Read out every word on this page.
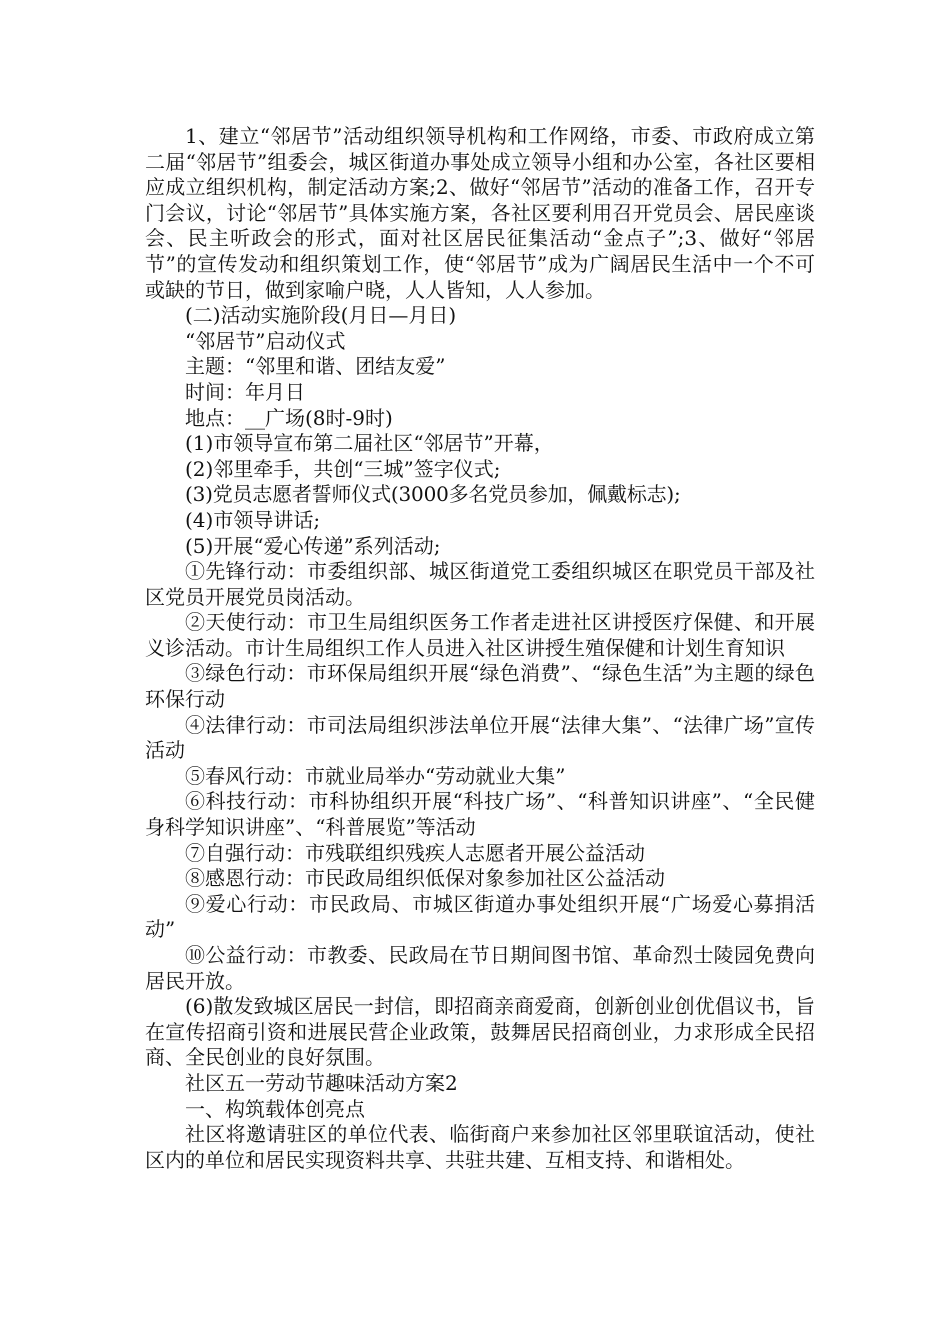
1、建立“邻居节”活动组织领导机构和工作网络，市委、市政府成立第二届“邻居节”组委会，城区街道办事处成立领导小组和办公室，各社区要相应成立组织机构，制定活动方案;2、做好“邻居节”活动的准备工作，召开专门会议，讨论“邻居节”具体实施方案，各社区要利用召开党员会、居民座谈会、民主听政会的形式，面对社区居民征集活动“金点子”;3、做好“邻居节”的宣传发动和组织策划工作，使“邻居节”成为广阔居民生活中一个不可或缺的节日，做到家喻户晓，人人皆知，人人参加。

(二)活动实施阶段(月日—月日)

“邻居节”启动仪式

主题：“邻里和谐、团结友爱”

时间：年月日

地点：__广场(8时-9时)

(1)市领导宣布第二届社区“邻居节”开幕，

(2)邻里牵手，共创“三城”签字仪式;

(3)党员志愿者誓师仪式(3000多名党员参加，佩戴标志);

(4)市领导讲话;

(5)开展“爱心传递”系列活动;

①先锋行动：市委组织部、城区街道党工委组织城区在职党员干部及社区党员开展党员岗活动。

②天使行动：市卫生局组织医务工作者走进社区讲授医疗保健、和开展义诊活动。市计生局组织工作人员进入社区讲授生殖保健和计划生育知识

③绿色行动：市环保局组织开展“绿色消费”、“绿色生活”为主题的绿色环保行动

④法律行动：市司法局组织涉法单位开展“法律大集”、“法律广场”宣传活动

⑤春风行动：市就业局举办“劳动就业大集”

⑥科技行动：市科协组织开展“科技广场”、“科普知识讲座”、“全民健身科学知识讲座”、“科普展览”等活动

⑦自强行动：市残联组织残疾人志愿者开展公益活动

⑧感恩行动：市民政局组织低保对象参加社区公益活动

⑨爱心行动：市民政局、市城区街道办事处组织开展“广场爱心募捐活动”

⑩公益行动：市教委、民政局在节日期间图书馆、革命烈士陵园免费向居民开放。

(6)散发致城区居民一封信，即招商亲商爱商，创新创业创优倡议书，旨在宣传招商引资和进展民营企业政策，鼓舞居民招商创业，力求形成全民招商、全民创业的良好氛围。

社区五一劳动节趣味活动方案2

一、构筑载体创亮点

社区将邀请驻区的单位代表、临街商户来参加社区邻里联谊活动，使社区内的单位和居民实现资料共享、共驻共建、互相支持、和谐相处。
